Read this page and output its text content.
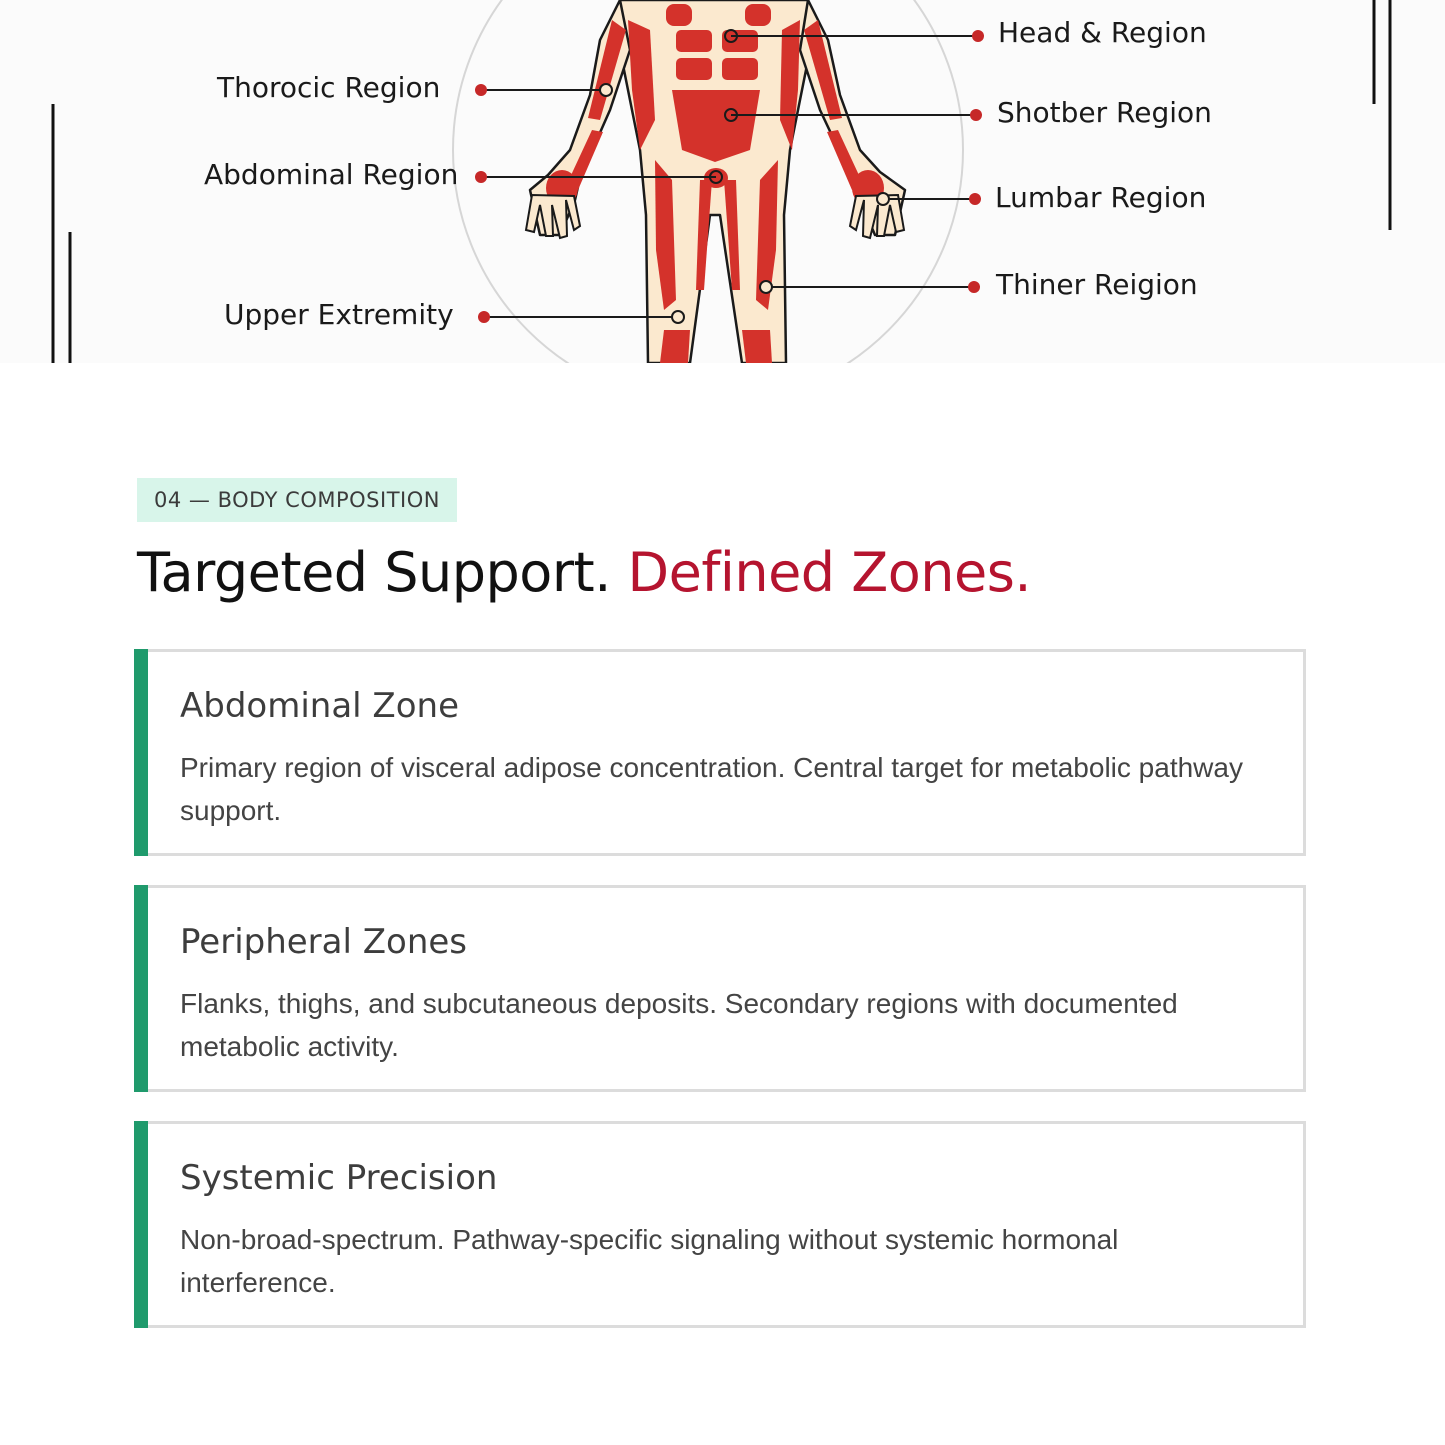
Thorocic Region
Abdominal Region
Upper Extremity
Head & Region
Shotber Region
Lumbar Region
Thiner Reigion
04 — BODY COMPOSITION
Targeted Support. Defined Zones.
Abdominal Zone
Primary region of visceral adipose concentration. Central target for metabolic pathway support.
Peripheral Zones
Flanks, thighs, and subcutaneous deposits. Secondary regions with documented metabolic activity.
Systemic Precision
Non-broad-spectrum. Pathway-specific signaling without systemic hormonal interference.
